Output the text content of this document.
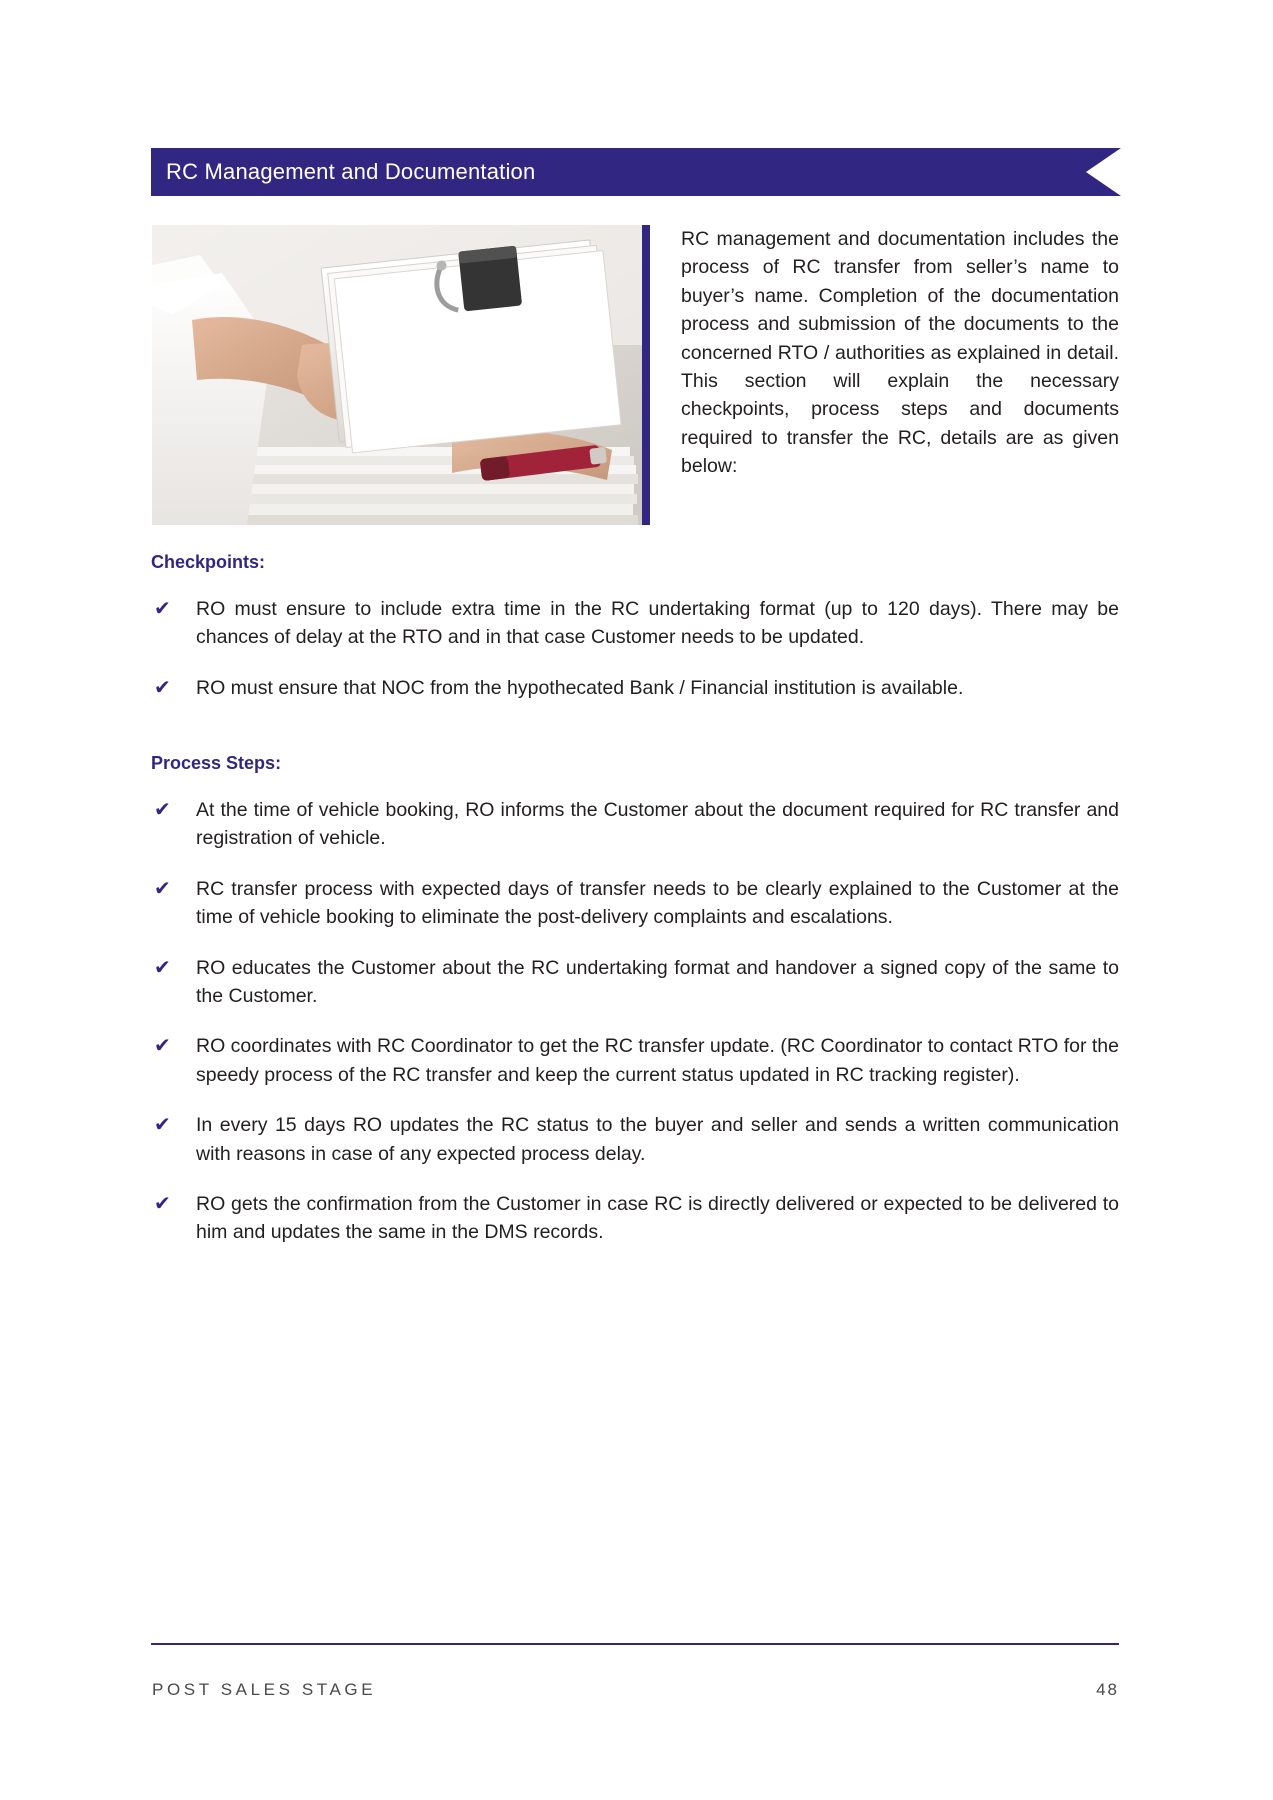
RC Management and Documentation
RC management and documentation includes the process of RC transfer from seller’s name to buyer’s name. Completion of the documentation process and submission of the documents to the concerned RTO / authorities as explained in detail. This section will explain the necessary checkpoints, process steps and documents required to transfer the RC, details are as given below:
Checkpoints:
✔ RO must ensure to include extra time in the RC undertaking format (up to 120 days). There may be chances of delay at the RTO and in that case Customer needs to be updated.
✔ RO must ensure that NOC from the hypothecated Bank / Financial institution is available.
Process Steps:
✔ At the time of vehicle booking, RO informs the Customer about the document required for RC transfer and registration of vehicle.
✔ RC transfer process with expected days of transfer needs to be clearly explained to the Customer at the time of vehicle booking to eliminate the post-delivery complaints and escalations.
✔ RO educates the Customer about the RC undertaking format and handover a signed copy of the same to the Customer.
✔ RO coordinates with RC Coordinator to get the RC transfer update. (RC Coordinator to contact RTO for the speedy process of the RC transfer and keep the current status updated in RC tracking register).
✔ In every 15 days RO updates the RC status to the buyer and seller and sends a written communication with reasons in case of any expected process delay.
✔ RO gets the confirmation from the Customer in case RC is directly delivered or expected to be delivered to him and updates the same in the DMS records.
POST SALES STAGE	48
